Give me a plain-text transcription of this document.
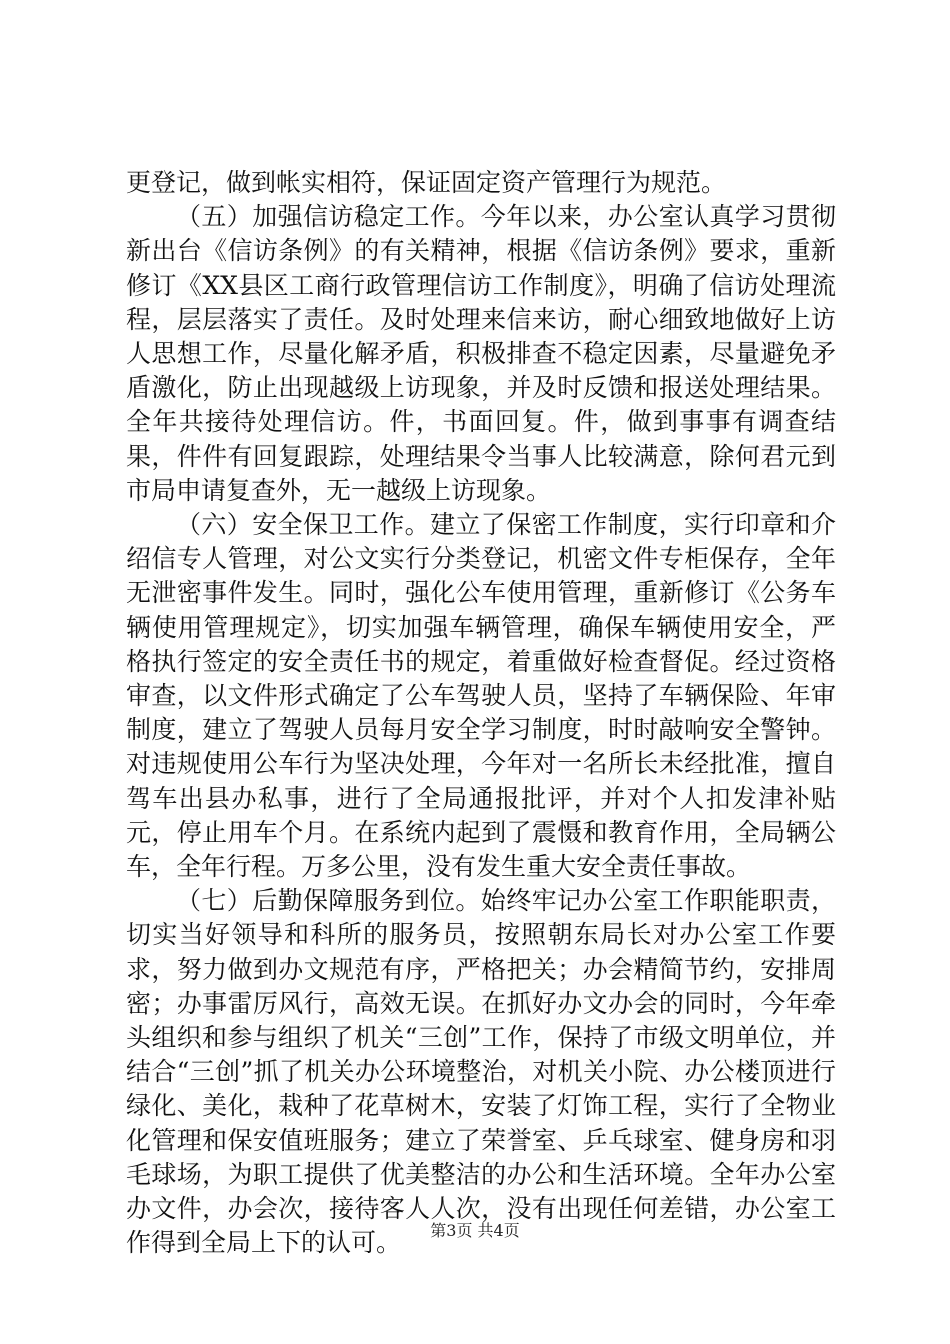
更登记，做到帐实相符，保证固定资产管理行为规范。

（五）加强信访稳定工作。今年以来，办公室认真学习贯彻新出台《信访条例》的有关精神，根据《信访条例》要求，重新修订《XX县区工商行政管理信访工作制度》，明确了信访处理流程，层层落实了责任。及时处理来信来访，耐心细致地做好上访人思想工作，尽量化解矛盾，积极排查不稳定因素，尽量避免矛盾激化，防止出现越级上访现象，并及时反馈和报送处理结果。全年共接待处理信访。件，书面回复。件，做到事事有调查结果，件件有回复跟踪，处理结果令当事人比较满意，除何君元到市局申请复查外，无一越级上访现象。

（六）安全保卫工作。建立了保密工作制度，实行印章和介绍信专人管理，对公文实行分类登记，机密文件专柜保存，全年无泄密事件发生。同时，强化公车使用管理，重新修订《公务车辆使用管理规定》，切实加强车辆管理，确保车辆使用安全，严格执行签定的安全责任书的规定，着重做好检查督促。经过资格审查，以文件形式确定了公车驾驶人员，坚持了车辆保险、年审制度，建立了驾驶人员每月安全学习制度，时时敲响安全警钟。对违规使用公车行为坚决处理，今年对一名所长未经批准，擅自驾车出县办私事，进行了全局通报批评，并对个人扣发津补贴元，停止用车个月。在系统内起到了震慑和教育作用，全局辆公车，全年行程。万多公里，没有发生重大安全责任事故。

（七）后勤保障服务到位。始终牢记办公室工作职能职责，切实当好领导和科所的服务员，按照朝东局长对办公室工作要求，努力做到办文规范有序，严格把关；办会精简节约，安排周密；办事雷厉风行，高效无误。在抓好办文办会的同时，今年牵头组织和参与组织了机关“三创”工作，保持了市级文明单位，并结合“三创”抓了机关办公环境整治，对机关小院、办公楼顶进行绿化、美化，栽种了花草树木，安装了灯饰工程，实行了全物业化管理和保安值班服务；建立了荣誉室、乒乓球室、健身房和羽毛球场，为职工提供了优美整洁的办公和生活环境。全年办公室办文件，办会次，接待客人人次，没有出现任何差错，办公室工作得到全局上下的认可。	第3页 共4页
